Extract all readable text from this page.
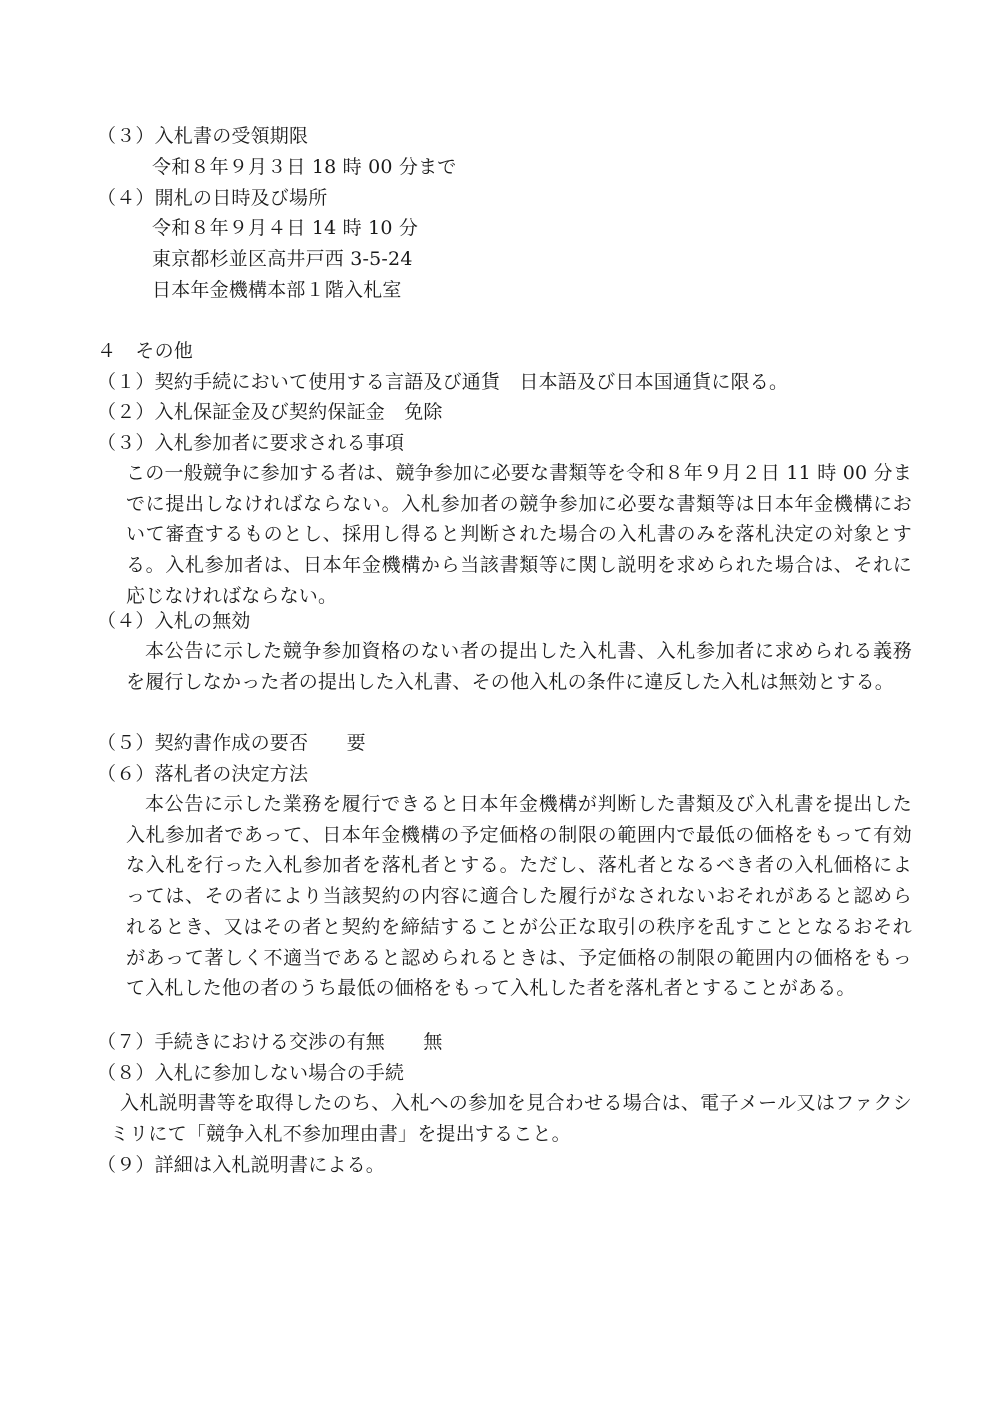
（３）入札書の受領期限
令和８年９月３日 18 時 00 分まで
（４）開札の日時及び場所
令和８年９月４日 14 時 10 分
東京都杉並区高井戸西 3-5-24
日本年金機構本部１階入札室
４　その他
（１）契約手続において使用する言語及び通貨　日本語及び日本国通貨に限る。
（２）入札保証金及び契約保証金　免除
（３）入札参加者に要求される事項
この一般競争に参加する者は、競争参加に必要な書類等を令和８年９月２日 11 時 00 分までに提出しなければならない。入札参加者の競争参加に必要な書類等は日本年金機構において審査するものとし、採用し得ると判断された場合の入札書のみを落札決定の対象とする。入札参加者は、日本年金機構から当該書類等に関し説明を求められた場合は、それに応じなければならない。
（４）入札の無効
本公告に示した競争参加資格のない者の提出した入札書、入札参加者に求められる義務を履行しなかった者の提出した入札書、その他入札の条件に違反した入札は無効とする。
（５）契約書作成の要否　　要
（６）落札者の決定方法
本公告に示した業務を履行できると日本年金機構が判断した書類及び入札書を提出した入札参加者であって、日本年金機構の予定価格の制限の範囲内で最低の価格をもって有効な入札を行った入札参加者を落札者とする。ただし、落札者となるべき者の入札価格によっては、その者により当該契約の内容に適合した履行がなされないおそれがあると認められるとき、又はその者と契約を締結することが公正な取引の秩序を乱すこととなるおそれがあって著しく不適当であると認められるときは、予定価格の制限の範囲内の価格をもって入札した他の者のうち最低の価格をもって入札した者を落札者とすることがある。
（７）手続きにおける交渉の有無　　無
（８）入札に参加しない場合の手続
入札説明書等を取得したのち、入札への参加を見合わせる場合は、電子メール又はファクシミリにて「競争入札不参加理由書」を提出すること。
（９）詳細は入札説明書による。
